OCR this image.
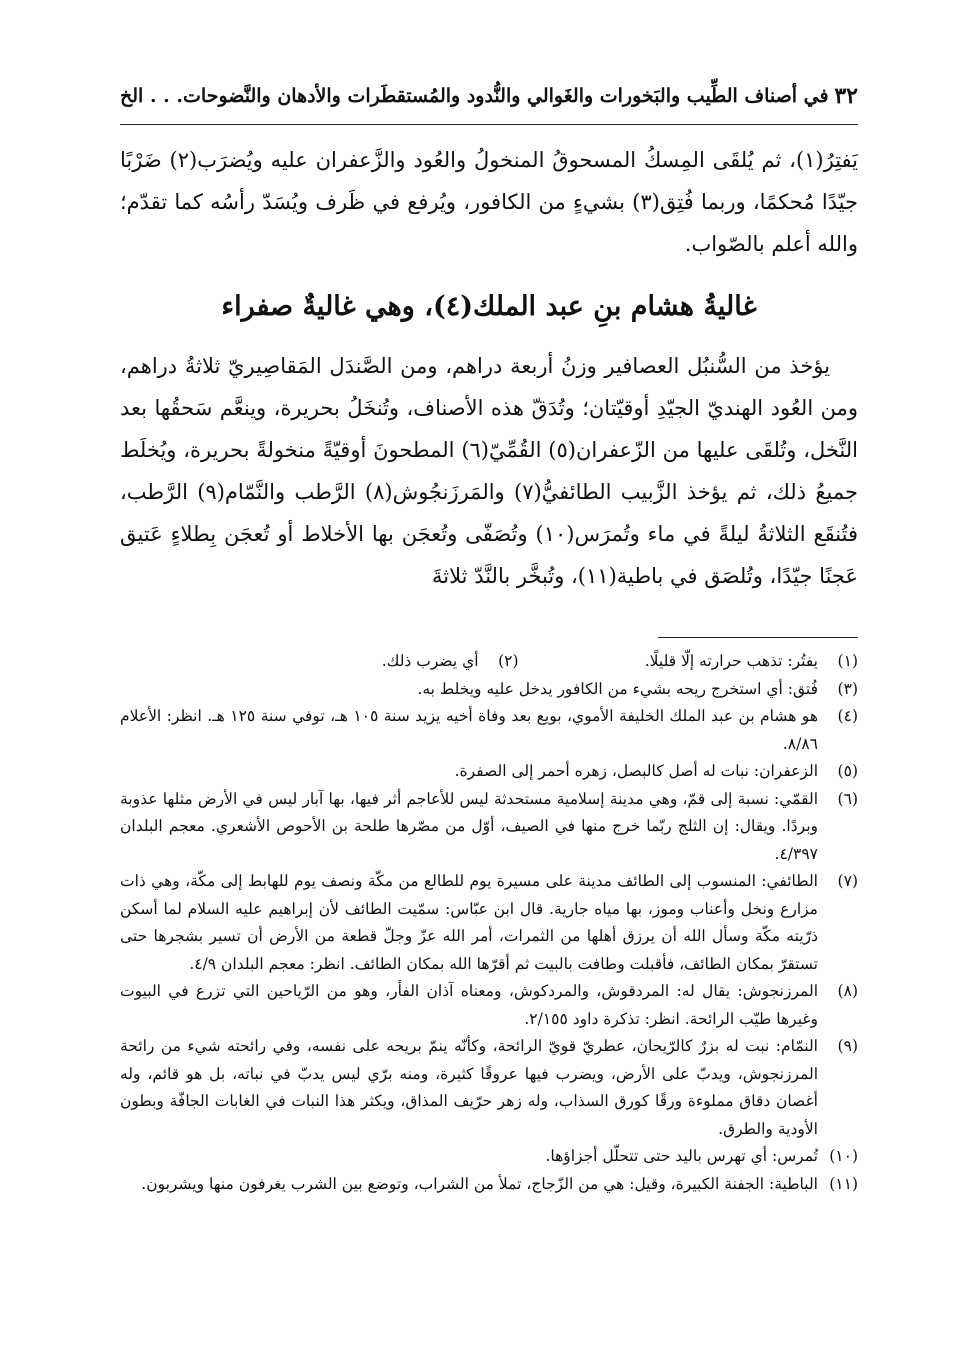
٣٢
في أصناف الطِّيب والبَخورات والغَوالي والنُّدود والمُستقطَرات والأدهان والنَّضوحات. . . الخ

يَفتِرُ(١)، ثم يُلقَى المِسكُ المسحوقُ المنخولُ والعُود والزَّعفران عليه ويُضرَب(٢) ضَرْبًا جيّدًا مُحكمًا، وربما فُتِق(٣) بشيءٍ من الكافور، ويُرفع في ظَرف ويُسَدّ رأسُه كما تقدّم؛ والله أعلم بالصّواب.

غاليةُ هشام بنِ عبد الملك(٤)، وهي غاليةٌ صفراء

يؤخذ من السُّنبُل العصافير وزنُ أربعة دراهم، ومن الصَّندَل المَقاصِيريّ ثلاثةُ دراهم، ومن العُود الهنديّ الجيّدِ أوقيّتان؛ وتُدَقّ هذه الأصناف، وتُنخَلُ بحريرة، وينعَّم سَحقُها بعد النَّخل، وتُلقَى عليها من الزّعفران(٥) القُمِّيّ(٦) المطحونَ أوقيّةً منخولةً بحريرة، ويُخلَط جميعُ ذلك، ثم يؤخذ الزَّبيب الطائفيُّ(٧) والمَرزَنجُوش(٨) الرَّطب والنَّمّام(٩) الرَّطب، فتُنقَع الثلاثةُ ليلةً في ماء وتُمرَس(١٠) وتُصَفّى وتُعجَن بها الأخلاط أو تُعجَن بِطلاءٍ عَتيق عَجنًا جيّدًا، وتُلصَق في باطية(١١)، وتُبخَّر بالنَّدّ ثلاثةَ

(١)
يفتُر: تذهب حرارته إلّا قليلًا.
(٢)
أي يضرب ذلك.
(٣)
فُتق: أي استخرج ريحه بشيء من الكافور يدخل عليه ويخلط به.
(٤)
هو هشام بن عبد الملك الخليفة الأموي، بويع بعد وفاة أخيه يزيد سنة ١٠٥ هـ، توفي سنة ١٢٥ هـ. انظر: الأعلام ٨/٨٦.
(٥)
الزعفران: نبات له أصل كالبصل، زهره أحمر إلى الصفرة.
(٦)
القمّي: نسبة إلى قمّ، وهي مدينة إسلامية مستحدثة ليس للأعاجم أثر فيها، بها آبار ليس في الأرض مثلها عذوبة وبردًا. ويقال: إن الثلج ربّما خرج منها في الصيف، أوّل من مصّرها طلحة بن الأحوص الأشعري. معجم البلدان ٤/٣٩٧.
(٧)
الطائفي: المنسوب إلى الطائف مدينة على مسيرة يوم للطالع من مكّة ونصف يوم للهابط إلى مكّة، وهي ذات مزارع ونخل وأعناب وموز، بها مياه جارية. قال ابن عبّاس: سمّيت الطائف لأن إبراهيم عليه السلام لما أسكن ذرّيته مكّة وسأل الله أن يرزق أهلها من الثمرات، أمر الله عزّ وجلّ قطعة من الأرض أن تسير بشجرها حتى تستقرّ بمكان الطائف، فأقبلت وطافت بالبيت ثم أقرّها الله بمكان الطائف. انظر: معجم البلدان ٤/٩.
(٨)
المرزنجوش: يقال له: المردقوش، والمردكوش، ومعناه آذان الفأر، وهو من الرّياحين التي تزرع في البيوت وغيرها طيّب الرائحة. انظر: تذكرة داود ٢/١٥٥.
(٩)
النمّام: نبت له بزرٌ كالرّيحان، عطريّ قويّ الرائحة، وكأنّه ينمّ بريحه على نفسه، وفي رائحته شيء من رائحة المرزنجوش، ويدبّ على الأرض، ويضرب فيها عروقًا كثيرة، ومنه برّي ليس يدبّ في نباته، بل هو قائم، وله أغصان دقاق مملوءة ورقًا كورق السذاب، وله زهر حرّيف المذاق، ويكثر هذا النبات في الغابات الجافّة وبطون الأودية والطرق.
(١٠)
تُمرس: أي تهرس باليد حتى تتحلّل أجزاؤها.
(١١)
الباطية: الجفنة الكبيرة، وقيل: هي من الزّجاج، تملأ من الشراب، وتوضع بين الشرب يغرفون منها ويشربون.
